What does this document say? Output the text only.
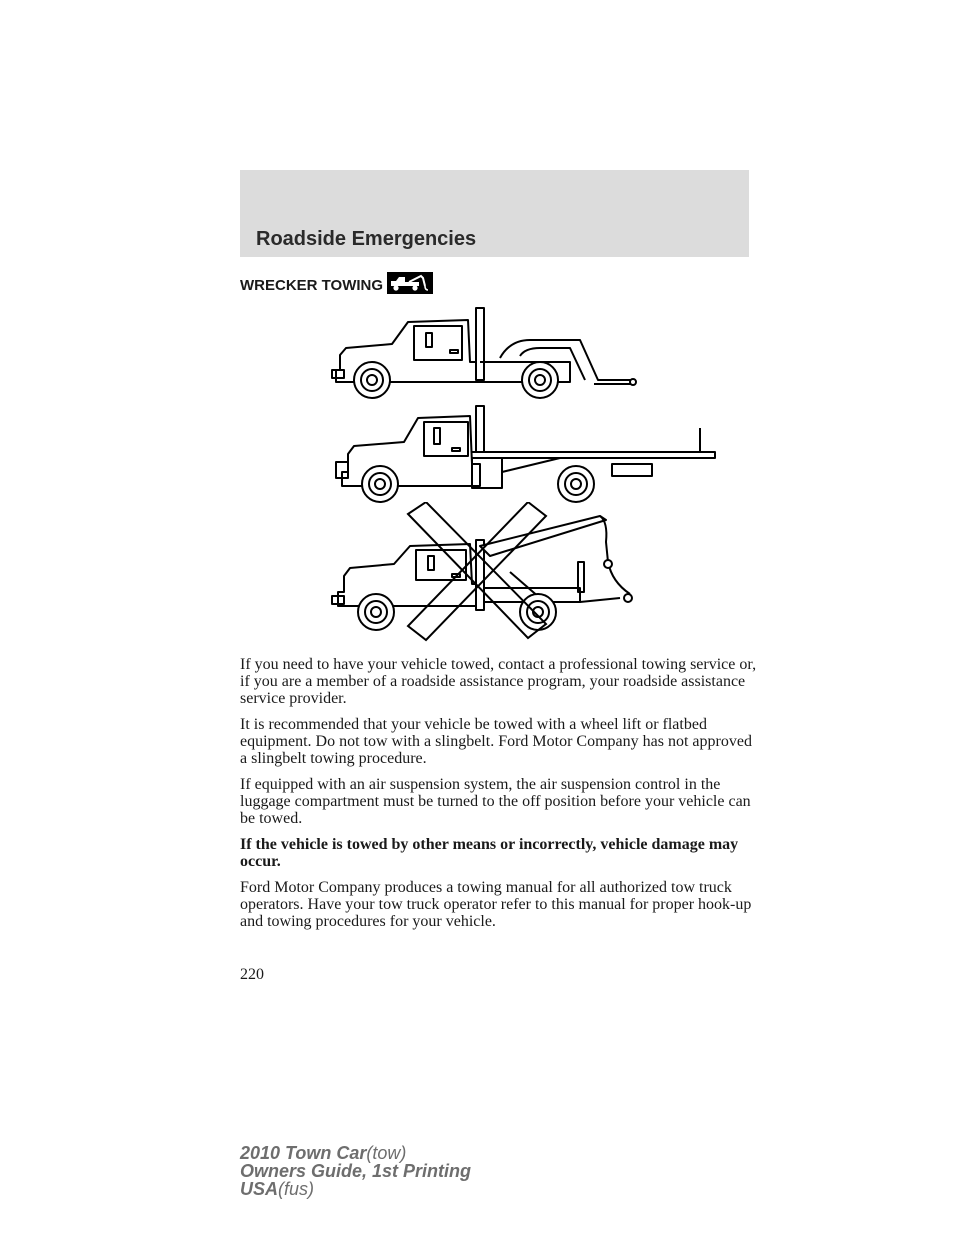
Roadside Emergencies
WRECKER TOWING

If you need to have your vehicle towed, contact a professional towing service or, if you are a member of a roadside assistance program, your roadside assistance service provider.

It is recommended that your vehicle be towed with a wheel lift or flatbed equipment. Do not tow with a slingbelt. Ford Motor Company has not approved a slingbelt towing procedure.

If equipped with an air suspension system, the air suspension control in the luggage compartment must be turned to the off position before your vehicle can be towed.

If the vehicle is towed by other means or incorrectly, vehicle damage may occur.

Ford Motor Company produces a towing manual for all authorized tow truck operators. Have your tow truck operator refer to this manual for proper hook-up and towing procedures for your vehicle.

220
2010 Town Car(tow)
Owners Guide, 1st Printing
USA(fus)
